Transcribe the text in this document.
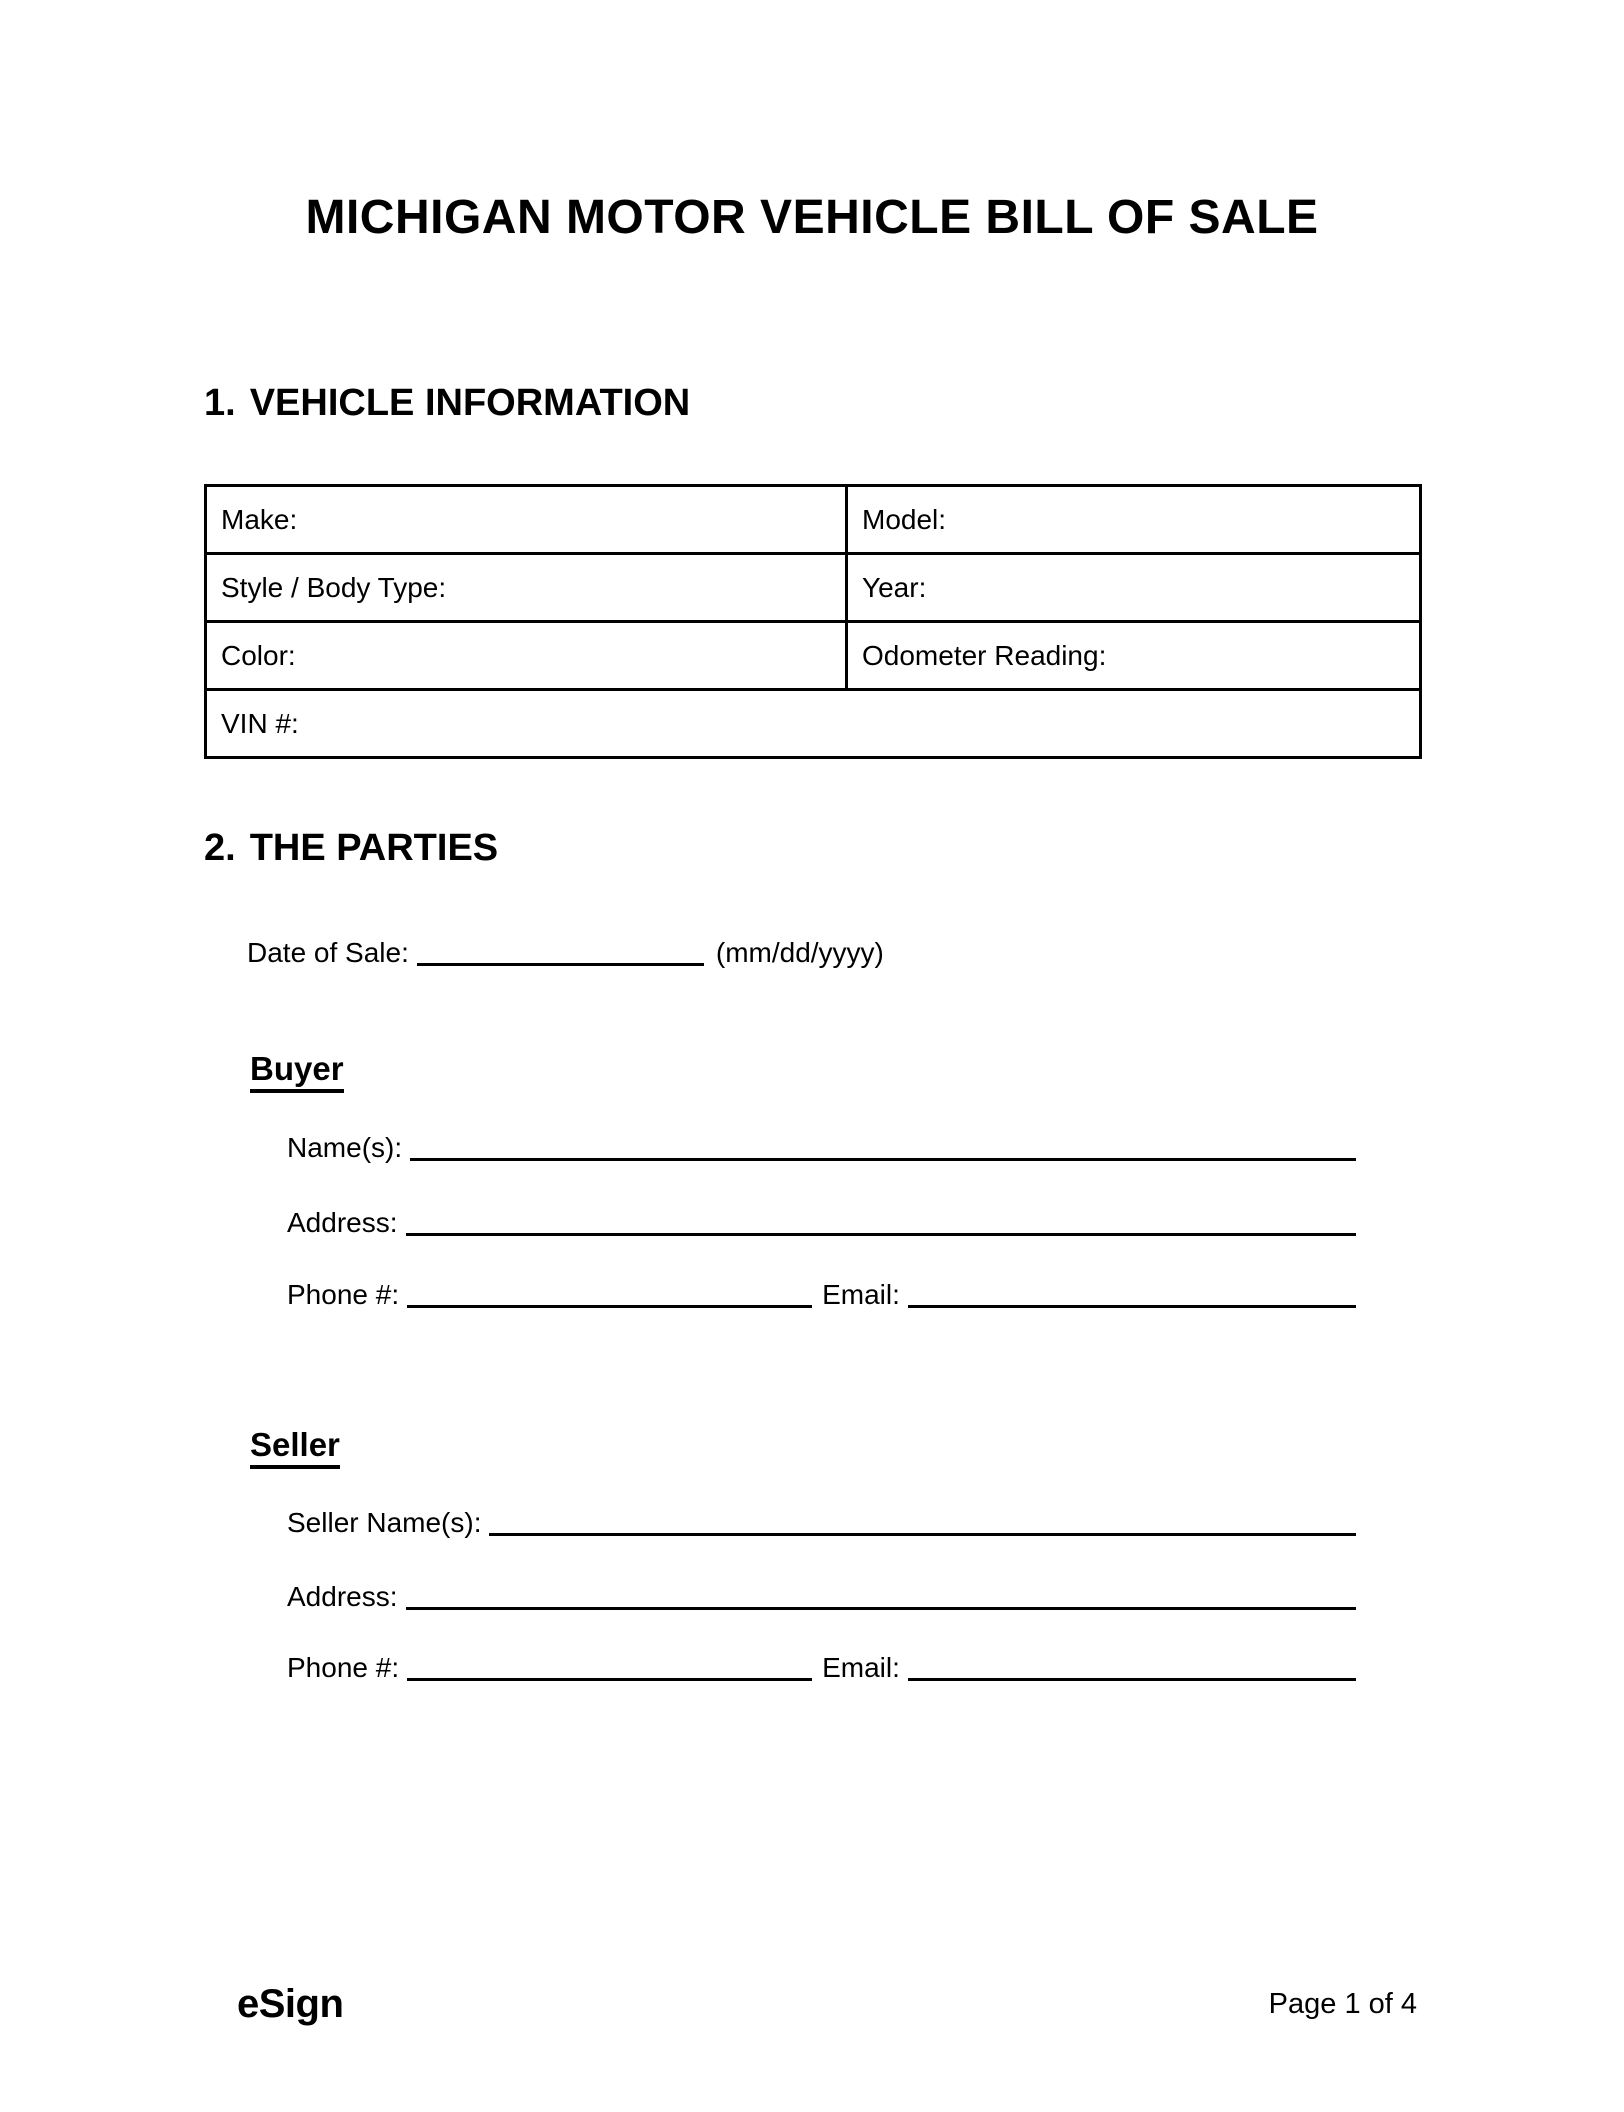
MICHIGAN MOTOR VEHICLE BILL OF SALE
1. VEHICLE INFORMATION
Make:	Model:
Style / Body Type:	Year:
Color:	Odometer Reading:
VIN #:	
2. THE PARTIES
Date of Sale:	(mm/dd/yyyy)
Buyer
Name(s):
Address:
Phone #:	Email:
Seller
Seller Name(s):
Address:
Phone #:	Email:
eSign	Page 1 of 4
